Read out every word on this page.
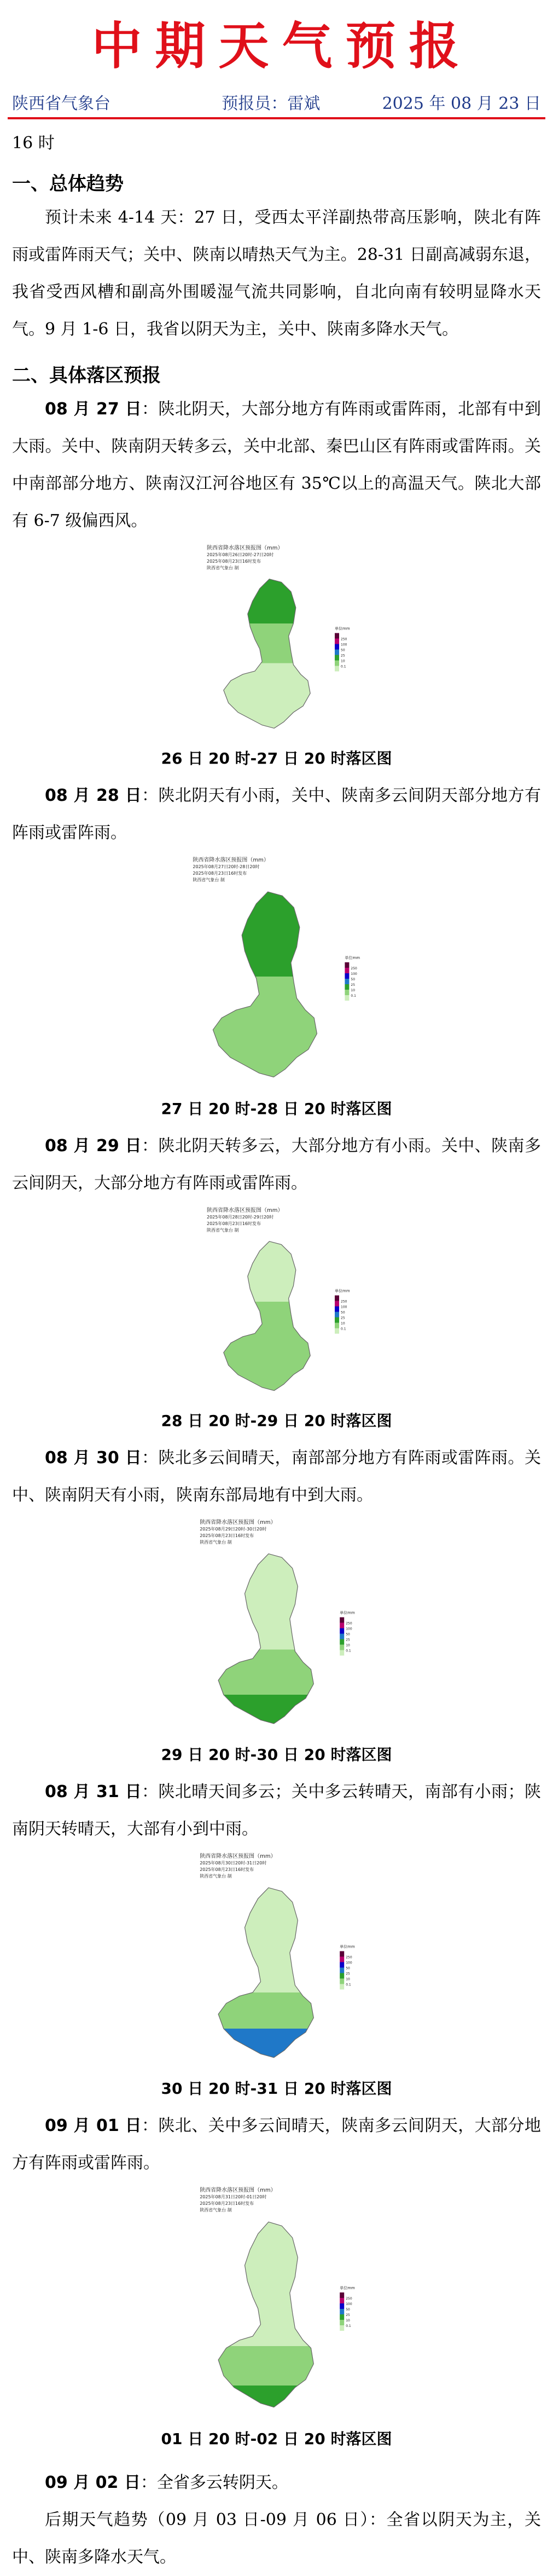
中期天气预报
陕西省气象台	预报员：雷斌	2025 年 08 月 23 日
16 时
一、总体趋势

预计未来 4-14 天：27 日，受西太平洋副热带高压影响，陕北有阵雨或雷阵雨天气；关中、陕南以晴热天气为主。28-31 日副高减弱东退，我省受西风槽和副高外围暖湿气流共同影响，自北向南有较明显降水天气。9 月 1-6 日，我省以阴天为主，关中、陕南多降水天气。

二、具体落区预报

08 月 27 日：陕北阴天，大部分地方有阵雨或雷阵雨，北部有中到大雨。关中、陕南阴天转多云，关中北部、秦巴山区有阵雨或雷阵雨。关中南部部分地方、陕南汉江河谷地区有 35℃以上的高温天气。陕北大部有 6-7 级偏西风。

陕西省降水落区预报图（mm）
2025年08月26日20时-27日20时
2025年08月23日16时发布
陕西省气象台 制
单位mm
250
100
50
25
10
0.1
26 日 20 时-27 日 20 时落区图

08 月 28 日：陕北阴天有小雨，关中、陕南多云间阴天部分地方有阵雨或雷阵雨。

陕西省降水落区预报图（mm）
2025年08月27日20时-28日20时
2025年08月23日16时发布
陕西省气象台 制
单位mm
250
100
50
25
10
0.1
27 日 20 时-28 日 20 时落区图

08 月 29 日：陕北阴天转多云，大部分地方有小雨。关中、陕南多云间阴天，大部分地方有阵雨或雷阵雨。

陕西省降水落区预报图（mm）
2025年08月28日20时-29日20时
2025年08月23日16时发布
陕西省气象台 制
单位mm
250
100
50
25
10
0.1
28 日 20 时-29 日 20 时落区图

08 月 30 日：陕北多云间晴天，南部部分地方有阵雨或雷阵雨。关中、陕南阴天有小雨，陕南东部局地有中到大雨。

陕西省降水落区预报图（mm）
2025年08月29日20时-30日20时
2025年08月23日16时发布
陕西省气象台 制
单位mm
250
100
50
25
10
0.1
29 日 20 时-30 日 20 时落区图

08 月 31 日：陕北晴天间多云；关中多云转晴天，南部有小雨；陕南阴天转晴天，大部有小到中雨。

陕西省降水落区预报图（mm）
2025年08月30日20时-31日20时
2025年08月23日16时发布
陕西省气象台 制
单位mm
250
100
50
25
10
0.1
30 日 20 时-31 日 20 时落区图

09 月 01 日：陕北、关中多云间晴天，陕南多云间阴天，大部分地方有阵雨或雷阵雨。

陕西省降水落区预报图（mm）
2025年08月31日20时-01日20时
2025年08月23日16时发布
陕西省气象台 制
单位mm
250
100
50
25
10
0.1
01 日 20 时-02 日 20 时落区图

09 月 02 日：全省多云转阴天。

后期天气趋势（09 月 03 日-09 月 06 日）：全省以阴天为主，关中、陕南多降水天气。
